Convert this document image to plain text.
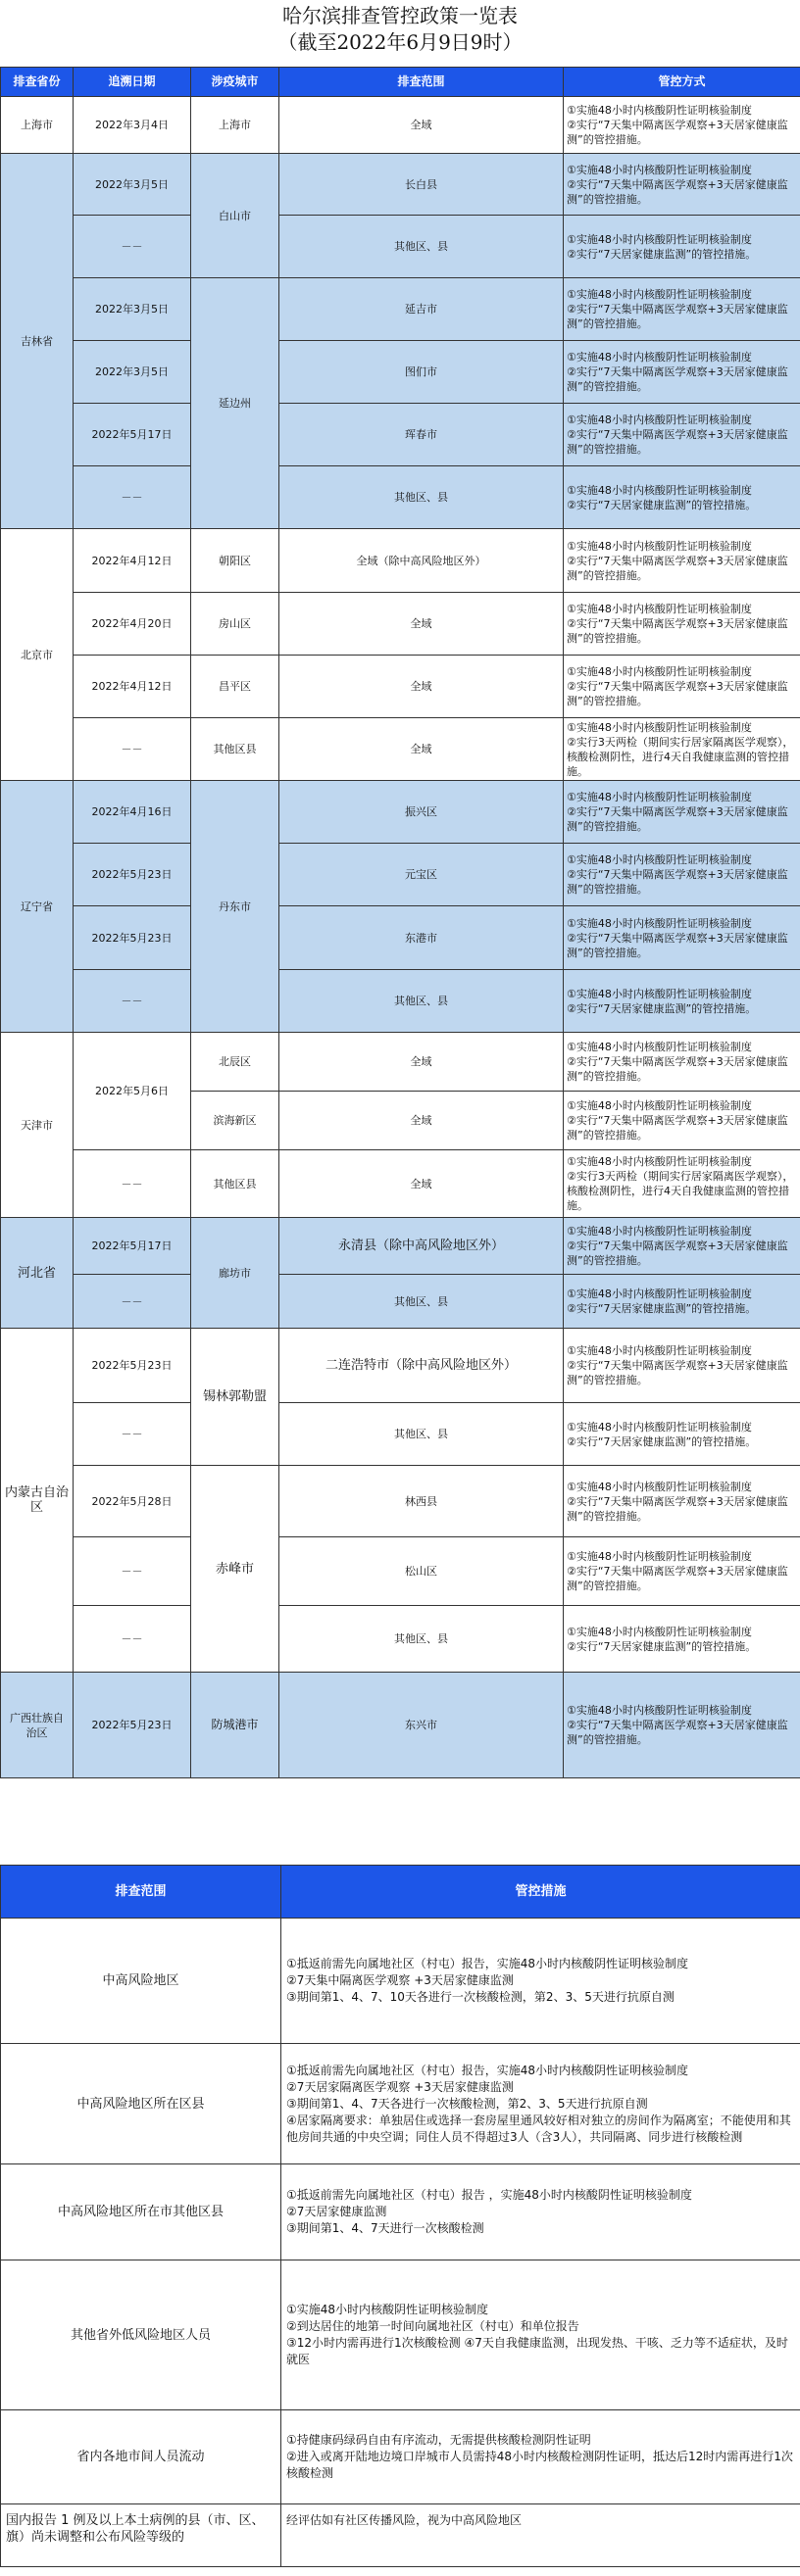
哈尔滨排查管控政策一览表
（截至2022年6月9日9时）
排查省份	追溯日期	涉疫城市	排查范围	管控方式
上海市	2022年3月4日	上海市	全域	①实施48小时内核酸阴性证明核验制度
②实行“7天集中隔离医学观察+3天居家健康监测”的管控措施。
吉林省	2022年3月5日	白山市	长白县	①实施48小时内核酸阴性证明核验制度
②实行“7天集中隔离医学观察+3天居家健康监测”的管控措施。
	－－		其他区、县	①实施48小时内核酸阴性证明核验制度
②实行“7天居家健康监测”的管控措施。
	2022年3月5日	延边州	延吉市	①实施48小时内核酸阴性证明核验制度
②实行“7天集中隔离医学观察+3天居家健康监测”的管控措施。
	2022年3月5日		图们市	①实施48小时内核酸阴性证明核验制度
②实行“7天集中隔离医学观察+3天居家健康监测”的管控措施。
	2022年5月17日		珲春市	①实施48小时内核酸阴性证明核验制度
②实行“7天集中隔离医学观察+3天居家健康监测”的管控措施。
	－－		其他区、县	①实施48小时内核酸阴性证明核验制度
②实行“7天居家健康监测”的管控措施。
北京市	2022年4月12日	朝阳区	全域（除中高风险地区外）	①实施48小时内核酸阴性证明核验制度
②实行“7天集中隔离医学观察+3天居家健康监测”的管控措施。
	2022年4月20日	房山区	全域	①实施48小时内核酸阴性证明核验制度
②实行“7天集中隔离医学观察+3天居家健康监测”的管控措施。
	2022年4月12日	昌平区	全域	①实施48小时内核酸阴性证明核验制度
②实行“7天集中隔离医学观察+3天居家健康监测”的管控措施。
	－－	其他区县	全域	①实施48小时内核酸阴性证明核验制度
②实行3天两检（期间实行居家隔离医学观察），核酸检测阴性，进行4天自我健康监测的管控措施。
辽宁省	2022年4月16日	丹东市	振兴区	①实施48小时内核酸阴性证明核验制度
②实行“7天集中隔离医学观察+3天居家健康监测”的管控措施。
	2022年5月23日		元宝区	①实施48小时内核酸阴性证明核验制度
②实行“7天集中隔离医学观察+3天居家健康监测”的管控措施。
	2022年5月23日		东港市	①实施48小时内核酸阴性证明核验制度
②实行“7天集中隔离医学观察+3天居家健康监测”的管控措施。
	－－		其他区、县	①实施48小时内核酸阴性证明核验制度
②实行“7天居家健康监测”的管控措施。
天津市	2022年5月6日	北辰区	全域	①实施48小时内核酸阴性证明核验制度
②实行“7天集中隔离医学观察+3天居家健康监测”的管控措施。
		滨海新区	全域	①实施48小时内核酸阴性证明核验制度
②实行“7天集中隔离医学观察+3天居家健康监测”的管控措施。
	－－	其他区县	全域	①实施48小时内核酸阴性证明核验制度
②实行3天两检（期间实行居家隔离医学观察），核酸检测阴性，进行4天自我健康监测的管控措施。
河北省	2022年5月17日	廊坊市	永清县（除中高风险地区外）	①实施48小时内核酸阴性证明核验制度
②实行“7天集中隔离医学观察+3天居家健康监测”的管控措施。
	－－		其他区、县	①实施48小时内核酸阴性证明核验制度
②实行“7天居家健康监测”的管控措施。
内蒙古自治区	2022年5月23日	锡林郭勒盟	二连浩特市（除中高风险地区外）	①实施48小时内核酸阴性证明核验制度
②实行“7天集中隔离医学观察+3天居家健康监测”的管控措施。
	－－		其他区、县	①实施48小时内核酸阴性证明核验制度
②实行“7天居家健康监测”的管控措施。
	2022年5月28日	赤峰市	林西县	①实施48小时内核酸阴性证明核验制度
②实行“7天集中隔离医学观察+3天居家健康监测”的管控措施。
	－－		松山区	①实施48小时内核酸阴性证明核验制度
②实行“7天集中隔离医学观察+3天居家健康监测”的管控措施。
	－－		其他区、县	①实施48小时内核酸阴性证明核验制度
②实行“7天居家健康监测”的管控措施。
广西壮族自治区	2022年5月23日	防城港市	东兴市	①实施48小时内核酸阴性证明核验制度
②实行“7天集中隔离医学观察+3天居家健康监测”的管控措施。
排查范围	管控措施
中高风险地区	①抵返前需先向属地社区（村屯）报告，实施48小时内核酸阴性证明核验制度
②7天集中隔离医学观察 +3天居家健康监测
③期间第1、4、7、10天各进行一次核酸检测，第2、3、5天进行抗原自测
中高风险地区所在区县	①抵返前需先向属地社区（村屯）报告，实施48小时内核酸阴性证明核验制度
②7天居家隔离医学观察 +3天居家健康监测
③期间第1、4、7天各进行一次核酸检测，第2、3、5天进行抗原自测
④居家隔离要求：单独居住或选择一套房屋里通风较好相对独立的房间作为隔离室；不能使用和其他房间共通的中央空调；同住人员不得超过3人（含3人），共同隔离、同步进行核酸检测
中高风险地区所在市其他区县	①抵返前需先向属地社区（村屯）报告 ，实施48小时内核酸阴性证明核验制度
②7天居家健康监测
③期间第1、4、7天进行一次核酸检测
其他省外低风险地区人员	①实施48小时内核酸阴性证明核验制度
②到达居住的地第一时间向属地社区（村屯）和单位报告
③12小时内需再进行1次核酸检测 ④7天自我健康监测，出现发热、干咳、乏力等不适症状，及时就医
省内各地市间人员流动	①持健康码绿码自由有序流动，无需提供核酸检测阴性证明
②进入或离开陆地边境口岸城市人员需持48小时内核酸检测阴性证明，抵达后12时内需再进行1次核酸检测
国内报告 1 例及以上本土病例的县（市、区、旗）尚未调整和公布风险等级的	经评估如有社区传播风险，视为中高风险地区
